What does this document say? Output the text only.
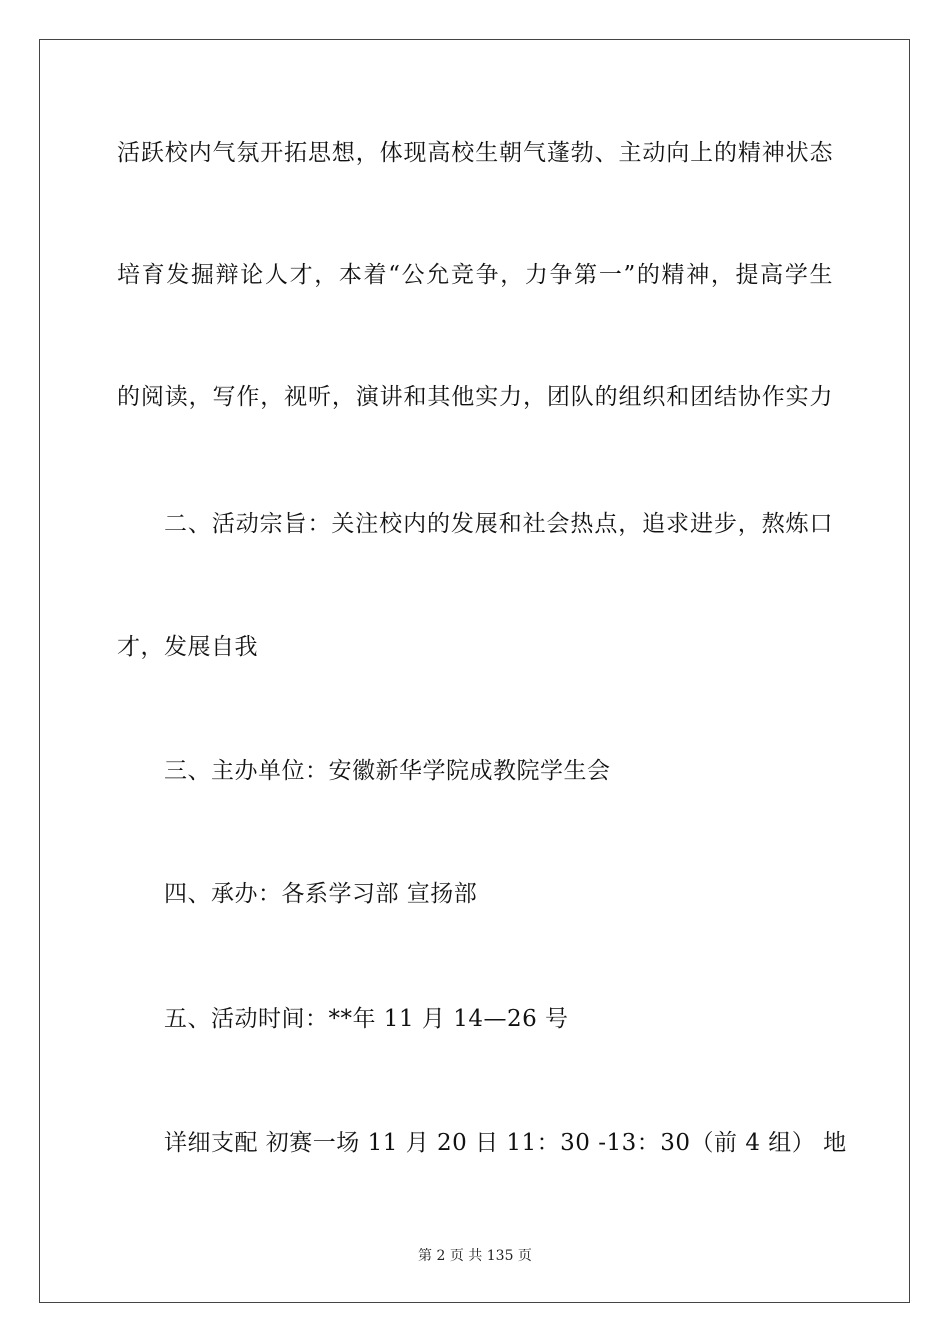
活跃校内气氛开拓思想，体现高校生朝气蓬勃、主动向上的精神状态
培育发掘辩论人才，本着“公允竞争，力争第一”的精神，提高学生
的阅读，写作，视听，演讲和其他实力，团队的组织和团结协作实力
二、活动宗旨：关注校内的发展和社会热点，追求进步，熬炼口
才，发展自我
三、主办单位：安徽新华学院成教院学生会
四、承办：各系学习部 宣扬部
五、活动时间：**年 11 月 14—26 号
详细支配 初赛一场 11 月 20 日 11：30 -13：30（前 4 组） 地
第 2 页 共 135 页
